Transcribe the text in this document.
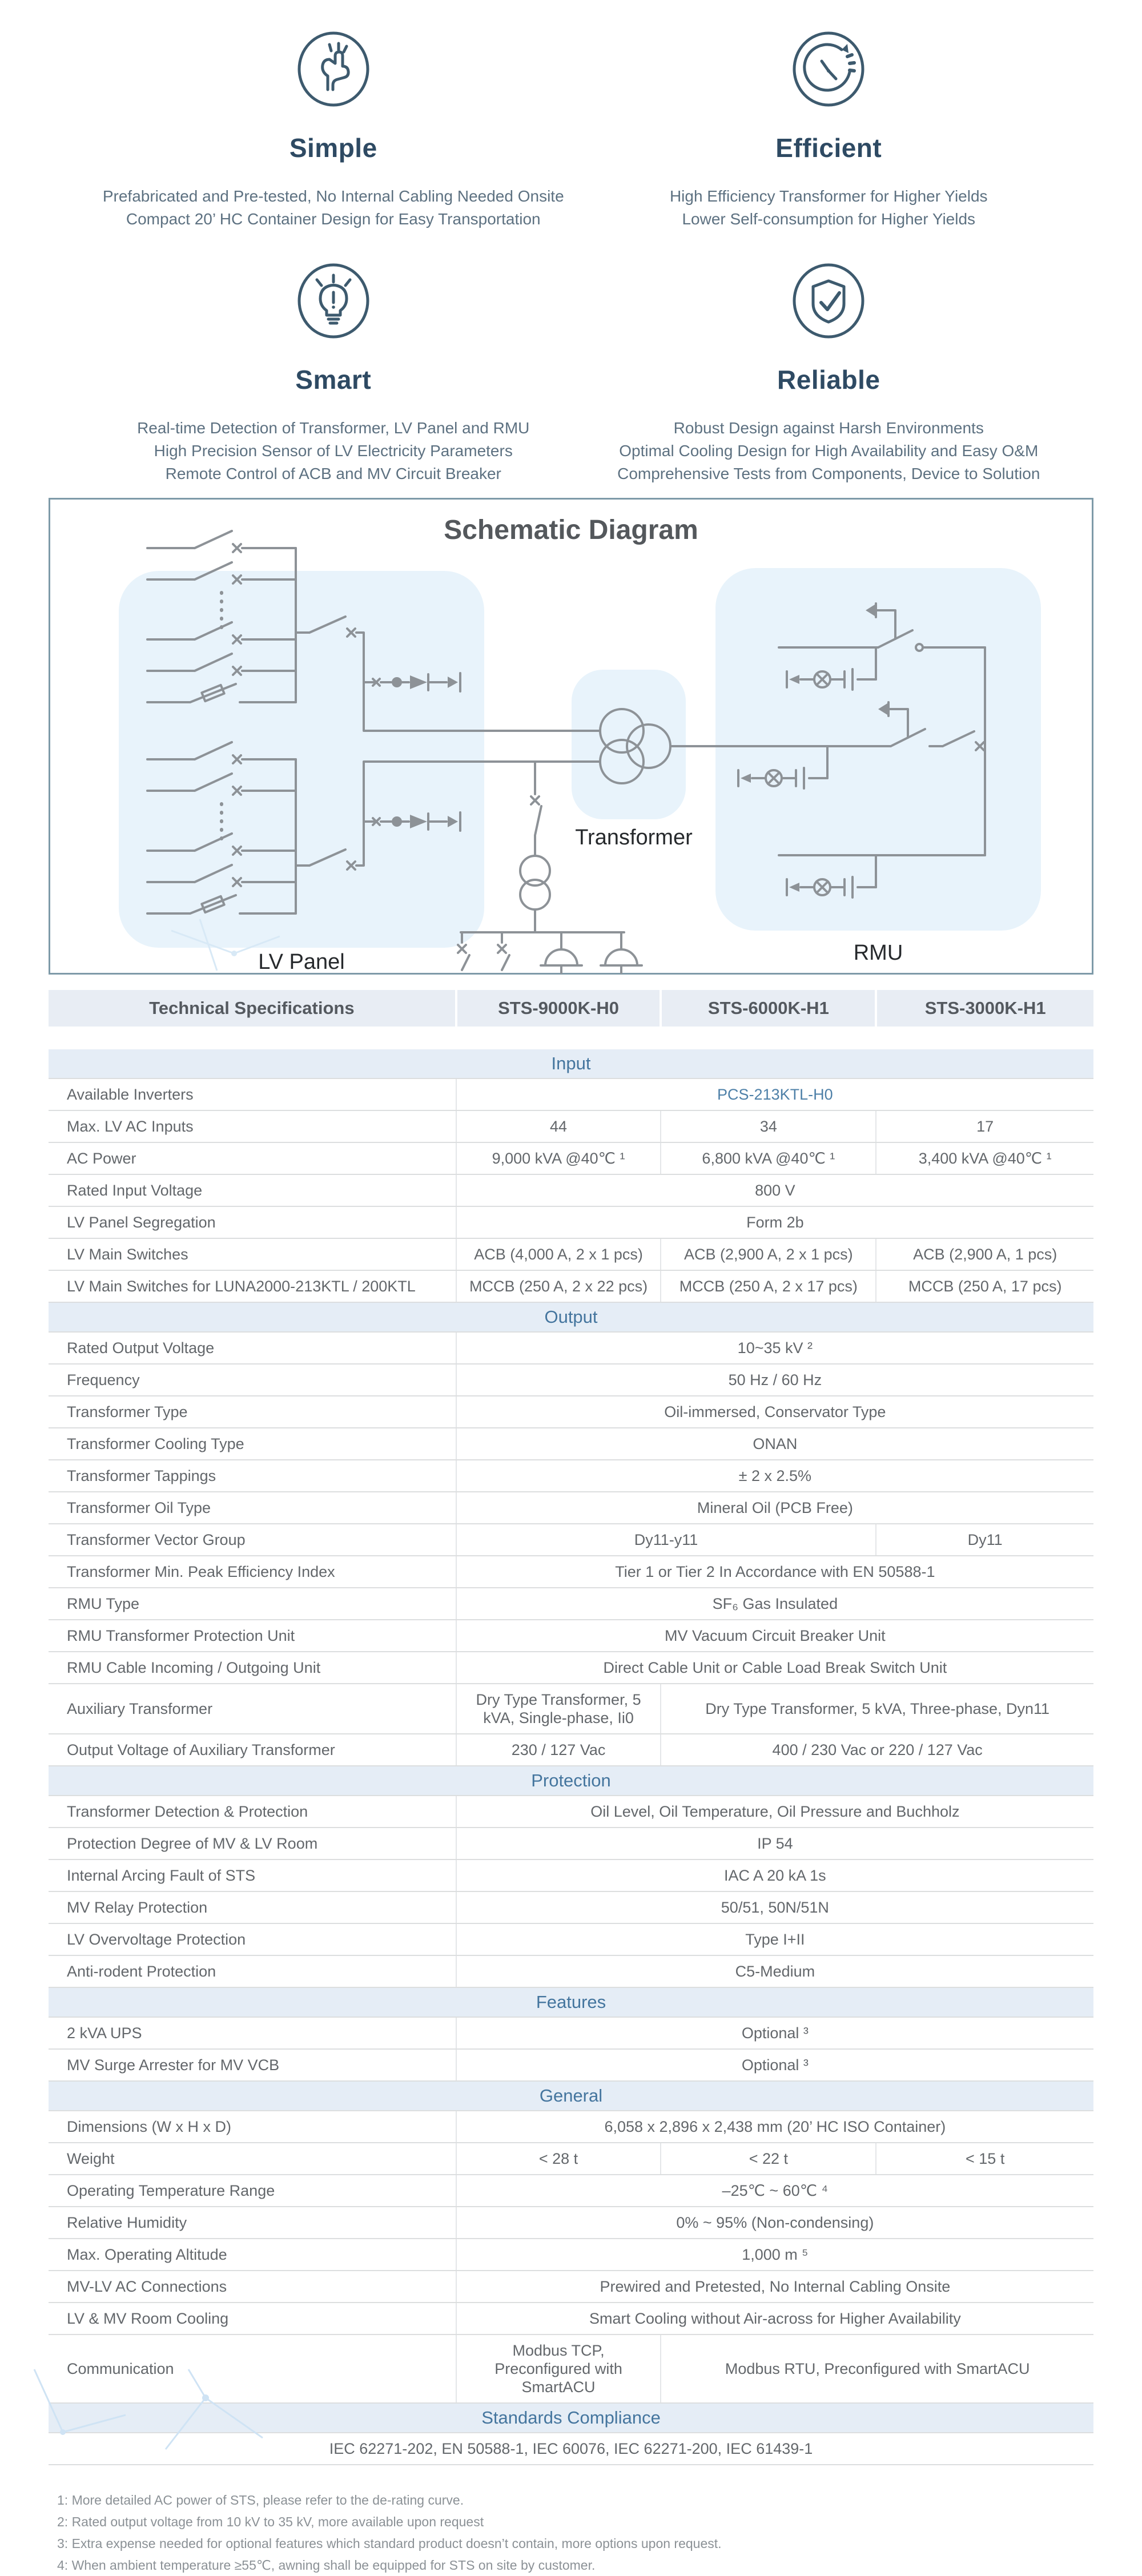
Simple
Prefabricated and Pre-tested, No Internal Cabling Needed Onsite
Compact 20’ HC Container Design for Easy Transportation
Efficient
High Efficiency Transformer for Higher Yields
Lower Self-consumption for Higher Yields
Smart
Real-time Detection of Transformer, LV Panel and RMU
High Precision Sensor of LV Electricity Parameters
Remote Control of ACB and MV Circuit Breaker
Reliable
Robust Design against Harsh Environments
Optimal Cooling Design for High Availability and Easy O&M
Comprehensive Tests from Components, Device to Solution
Schematic Diagram
LV Panel
Transformer
RMU
Technical Specifications	STS-9000K-H0	STS-6000K-H1	STS-3000K-H1
Input			
Available Inverters	PCS-213KTL-H0		
Max. LV AC Inputs	44	34	17
AC Power	9,000 kVA @40℃ ¹	6,800 kVA @40℃ ¹	3,400 kVA @40℃ ¹
Rated Input Voltage	800 V		
LV Panel Segregation	Form 2b		
LV Main Switches	ACB (4,000 A, 2 x 1 pcs)	ACB (2,900 A, 2 x 1 pcs)	ACB (2,900 A, 1 pcs)
LV Main Switches for LUNA2000-213KTL / 200KTL	MCCB (250 A, 2 x 22 pcs)	MCCB (250 A, 2 x 17 pcs)	MCCB (250 A, 17 pcs)
Output			
Rated Output Voltage	10~35 kV ²		
Frequency	50 Hz / 60 Hz		
Transformer Type	Oil-immersed, Conservator Type		
Transformer Cooling Type	ONAN		
Transformer Tappings	± 2 x 2.5%		
Transformer Oil Type	Mineral Oil (PCB Free)		
Transformer Vector Group	Dy11-y11		Dy11
Transformer Min. Peak Efficiency Index	Tier 1 or Tier 2 In Accordance with EN 50588-1		
RMU Type	SF₆ Gas Insulated		
RMU Transformer Protection Unit	MV Vacuum Circuit Breaker Unit		
RMU Cable Incoming / Outgoing Unit	Direct Cable Unit or Cable Load Break Switch Unit		
Auxiliary Transformer	Dry Type Transformer, 5 kVA, Single-phase, Ii0	Dry Type Transformer, 5 kVA, Three-phase, Dyn11	
Output Voltage of Auxiliary Transformer	230 / 127 Vac	400 / 230 Vac or 220 / 127 Vac	
Protection			
Transformer Detection & Protection	Oil Level, Oil Temperature, Oil Pressure and Buchholz		
Protection Degree of MV & LV Room	IP 54		
Internal Arcing Fault of STS	IAC A 20 kA 1s		
MV Relay Protection	50/51, 50N/51N		
LV Overvoltage Protection	Type I+II		
Anti-rodent Protection	C5-Medium		
Features			
2 kVA UPS	Optional ³		
MV Surge Arrester for MV VCB	Optional ³		
General			
Dimensions (W x H x D)	6,058 x 2,896 x 2,438 mm (20’ HC ISO Container)		
Weight	< 28 t	< 22 t	< 15 t
Operating Temperature Range	–25℃ ~ 60℃ ⁴		
Relative Humidity	0% ~ 95% (Non-condensing)		
Max. Operating Altitude	1,000 m ⁵		
MV-LV AC Connections	Prewired and Pretested, No Internal Cabling Onsite		
LV & MV Room Cooling	Smart Cooling without Air-across for Higher Availability		
Communication	Modbus TCP, Preconfigured with SmartACU	Modbus RTU, Preconfigured with SmartACU	
Standards Compliance			
IEC 62271-202, EN 50588-1, IEC 60076, IEC 62271-200, IEC 61439-1			
1: More detailed AC power of STS, please refer to the de-rating curve.
2: Rated output voltage from 10 kV to 35 kV, more available upon request
3: Extra expense needed for optional features which standard product doesn’t contain, more options upon request.
4: When ambient temperature ≥55℃, awning shall be equipped for STS on site by customer.
